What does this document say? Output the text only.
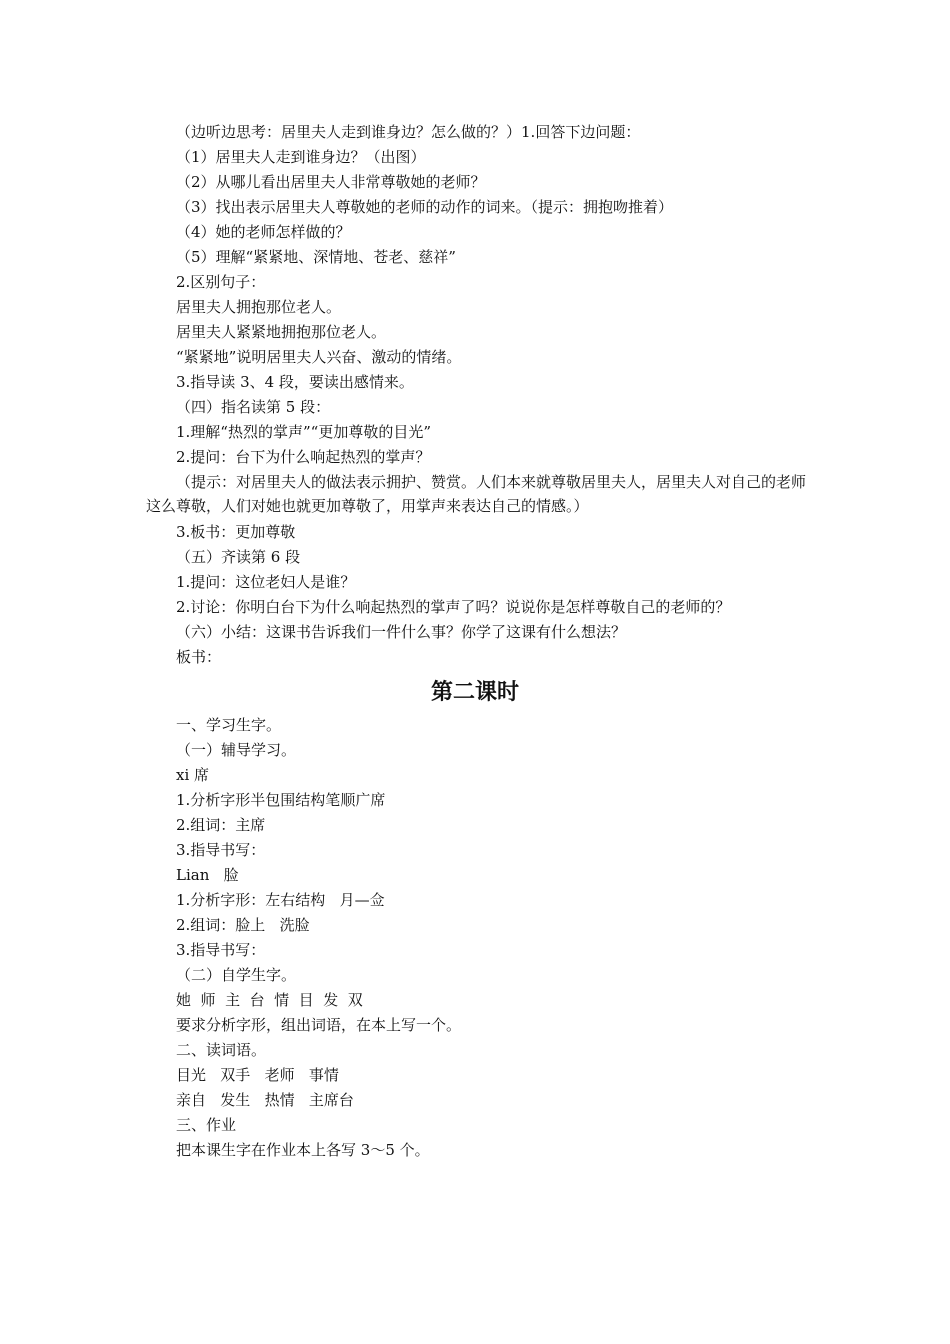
（边听边思考：居里夫人走到谁身边？怎么做的？）1.回答下边问题：
（1）居里夫人走到谁身边？（出图）
（2）从哪儿看出居里夫人非常尊敬她的老师？
（3）找出表示居里夫人尊敬她的老师的动作的词来。（提示：拥抱吻推着）
（4）她的老师怎样做的？
（5）理解“紧紧地、深情地、苍老、慈祥”
2.区别句子：
居里夫人拥抱那位老人。
居里夫人紧紧地拥抱那位老人。
“紧紧地”说明居里夫人兴奋、激动的情绪。
3.指导读 3、4 段，要读出感情来。
（四）指名读第 5 段：
1.理解“热烈的掌声”“更加尊敬的目光”
2.提问：台下为什么响起热烈的掌声？
（提示：对居里夫人的做法表示拥护、赞赏。人们本来就尊敬居里夫人，居里夫人对自己的老师这么尊敬，人们对她也就更加尊敬了，用掌声来表达自己的情感。）
3.板书：更加尊敬
（五）齐读第 6 段
1.提问：这位老妇人是谁？
2.讨论：你明白台下为什么响起热烈的掌声了吗？说说你是怎样尊敬自己的老师的？
（六）小结：这课书告诉我们一件什么事？你学了这课有什么想法？
板书：
第二课时
一、学习生字。
（一）辅导学习。
xi 席
1.分析字形半包围结构笔顺广席
2.组词：主席
3.指导书写：
Lian   脸
1.分析字形：左右结构   月—佥
2.组词：脸上   洗脸
3.指导书写：
（二）自学生字。
她  师  主  台  情  目  发  双
要求分析字形，组出词语，在本上写一个。
二、读词语。
目光   双手   老师   事情
亲自   发生   热情   主席台
三、作业
把本课生字在作业本上各写 3～5 个。
